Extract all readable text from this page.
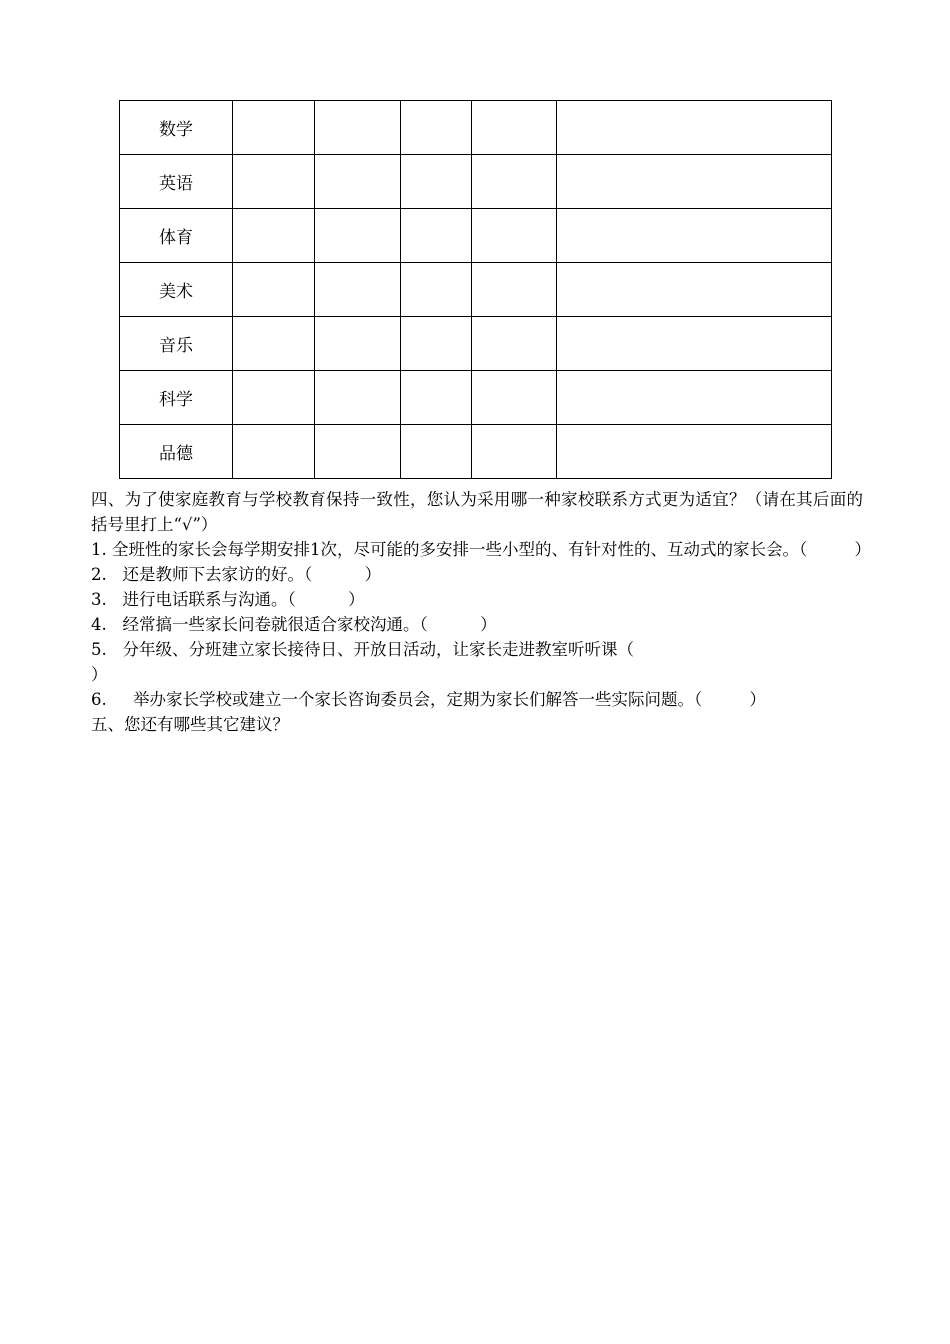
数学					
英语					
体育					
美术					
音乐					
科学					
品德					

四、为了使家庭教育与学校教育保持一致性，您认为采用哪一种家校联系方式更为适宜？（请在其后面的括号里打上“√”）

1. 全班性的家长会每学期安排1次，尽可能的多安排一些小型的、有针对性的、互动式的家长会。（         ）

2.   还是教师下去家访的好。（          ）

3.   进行电话联系与沟通。（          ）

4.   经常搞一些家长问卷就很适合家校沟通。（          ）

5.   分年级、分班建立家长接待日、开放日活动，让家长走进教室听听课（

）

6.     举办家长学校或建立一个家长咨询委员会，定期为家长们解答一些实际问题。（         ）

五、您还有哪些其它建议？
